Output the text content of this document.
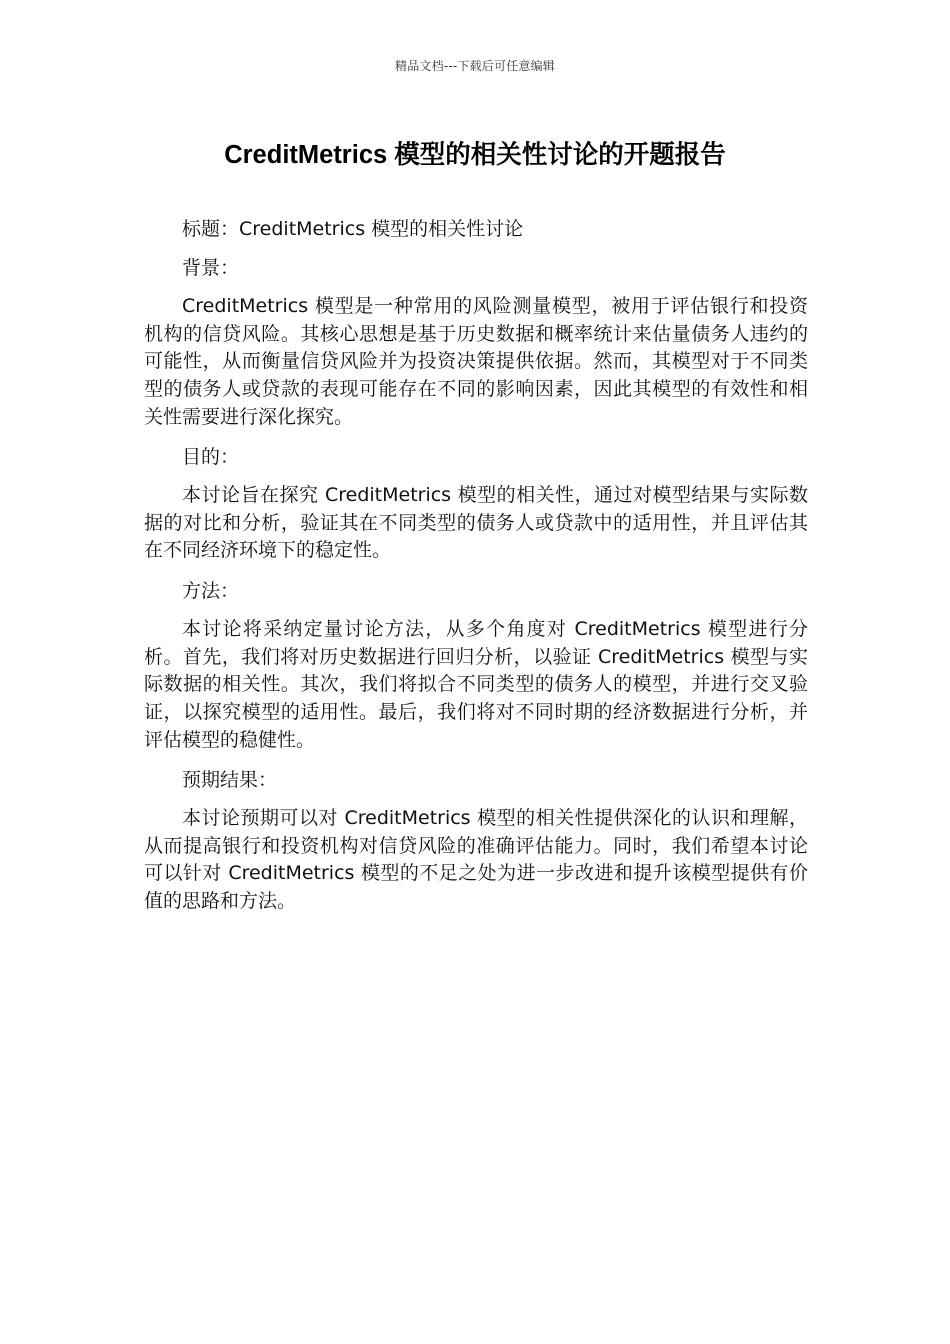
精品文档---下载后可任意编辑
CreditMetrics 模型的相关性讨论的开题报告

标题：CreditMetrics 模型的相关性讨论

背景：

CreditMetrics 模型是一种常用的风险测量模型，被用于评估银行和投资机构的信贷风险。其核心思想是基于历史数据和概率统计来估量债务人违约的可能性，从而衡量信贷风险并为投资决策提供依据。然而，其模型对于不同类型的债务人或贷款的表现可能存在不同的影响因素，因此其模型的有效性和相关性需要进行深化探究。

目的：

本讨论旨在探究 CreditMetrics 模型的相关性，通过对模型结果与实际数据的对比和分析，验证其在不同类型的债务人或贷款中的适用性，并且评估其在不同经济环境下的稳定性。

方法：

本讨论将采纳定量讨论方法，从多个角度对 CreditMetrics 模型进行分析。首先，我们将对历史数据进行回归分析，以验证 CreditMetrics 模型与实际数据的相关性。其次，我们将拟合不同类型的债务人的模型，并进行交叉验证，以探究模型的适用性。最后，我们将对不同时期的经济数据进行分析，并评估模型的稳健性。

预期结果：

本讨论预期可以对 CreditMetrics 模型的相关性提供深化的认识和理解，从而提高银行和投资机构对信贷风险的准确评估能力。同时，我们希望本讨论可以针对 CreditMetrics 模型的不足之处为进一步改进和提升该模型提供有价值的思路和方法。
